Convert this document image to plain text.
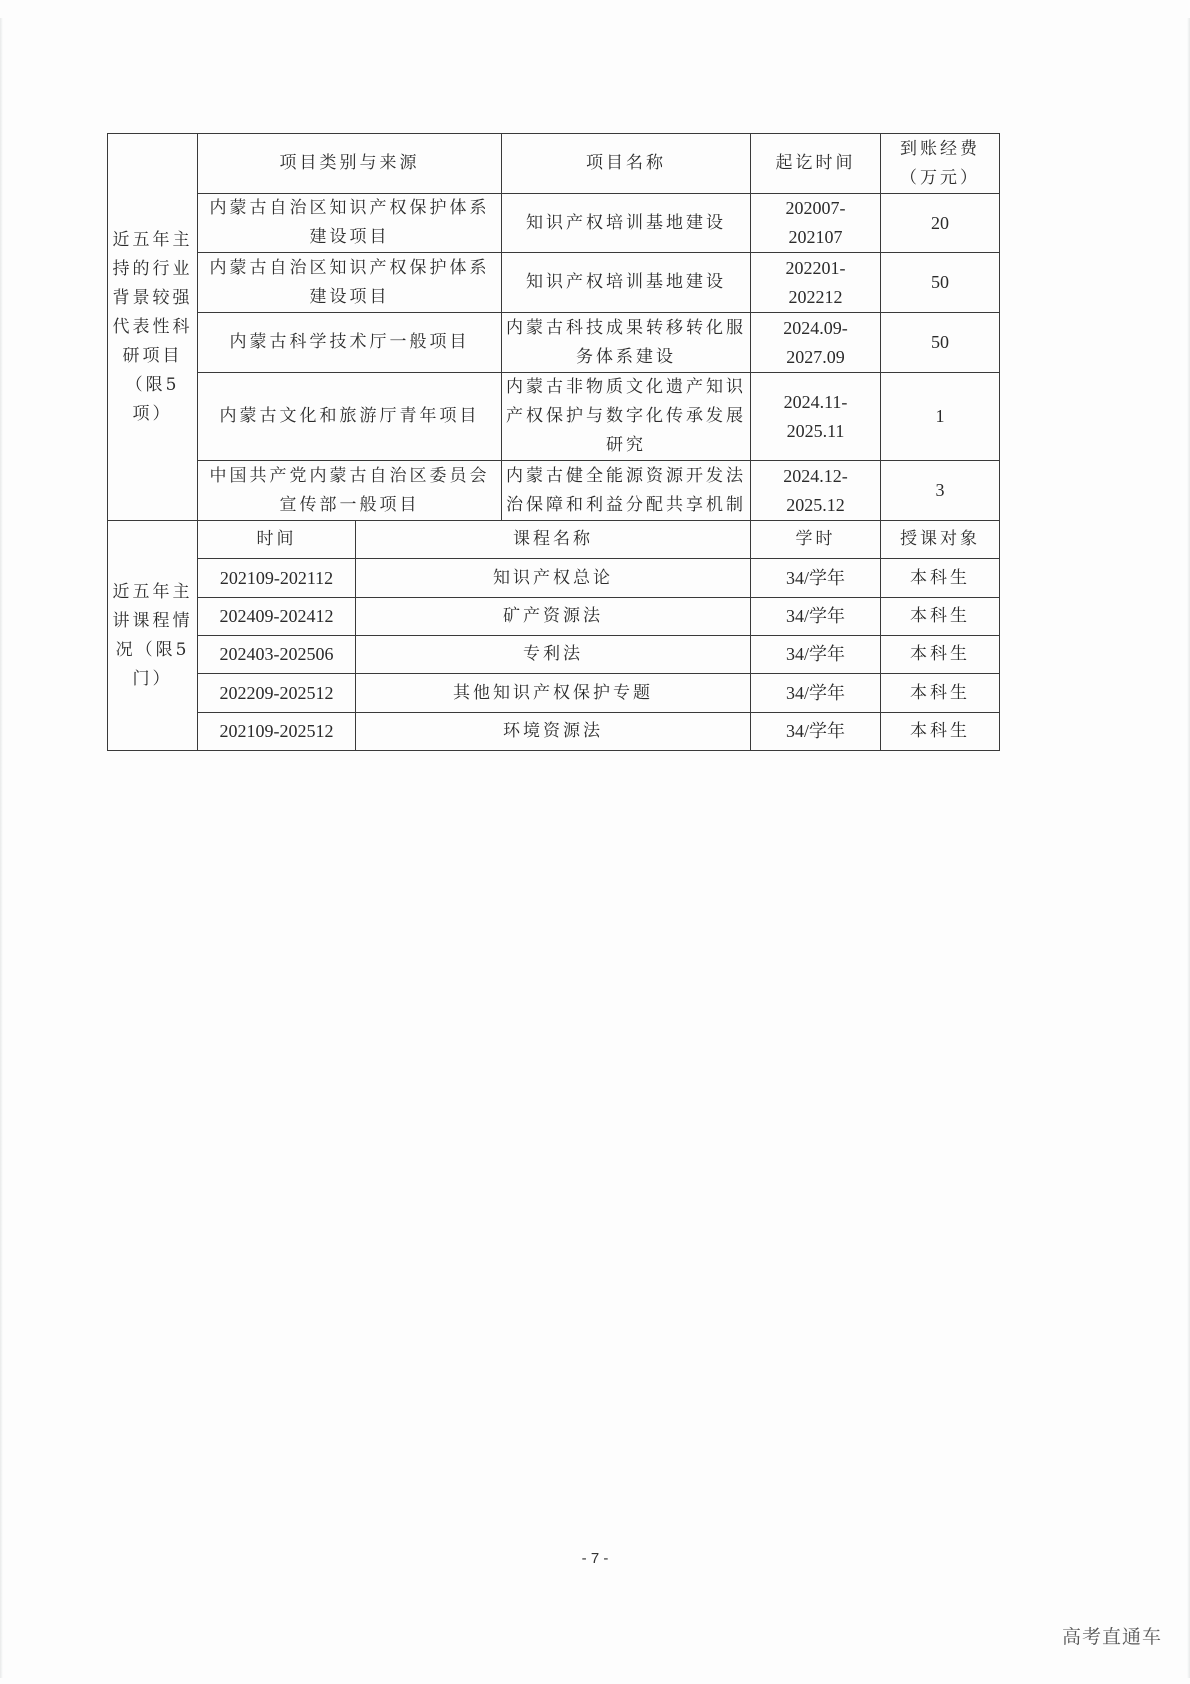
近五年主持的行业背景较强代表性科研项目（限5项）	项目类别与来源		项目名称	起讫时间	到账经费
（万元）

	内蒙古自治区知识产权保护体系建设项目		知识产权培训基地建设	202007-
202107	20
	内蒙古自治区知识产权保护体系建设项目		知识产权培训基地建设	202201-
202212	50
	内蒙古科学技术厅一般项目		内蒙古科技成果转移转化服务体系建设	2024.09-
2027.09	50
	内蒙古文化和旅游厅青年项目		内蒙古非物质文化遗产知识产权保护与数字化传承发展研究	2024.11-
2025.11	1
	中国共产党内蒙古自治区委员会宣传部一般项目		内蒙古健全能源资源开发法治保障和利益分配共享机制	2024.12-
2025.12	3
近五年主讲课程情况（限5门）	时间	课程名称		学时	授课对象
	202109-202112	知识产权总论		34/学年	本科生
	202409-202412	矿产资源法		34/学年	本科生
	202403-202506	专利法		34/学年	本科生
	202209-202512	其他知识产权保护专题		34/学年	本科生
	202109-202512	环境资源法		34/学年	本科生
- 7 -
高考直通车
